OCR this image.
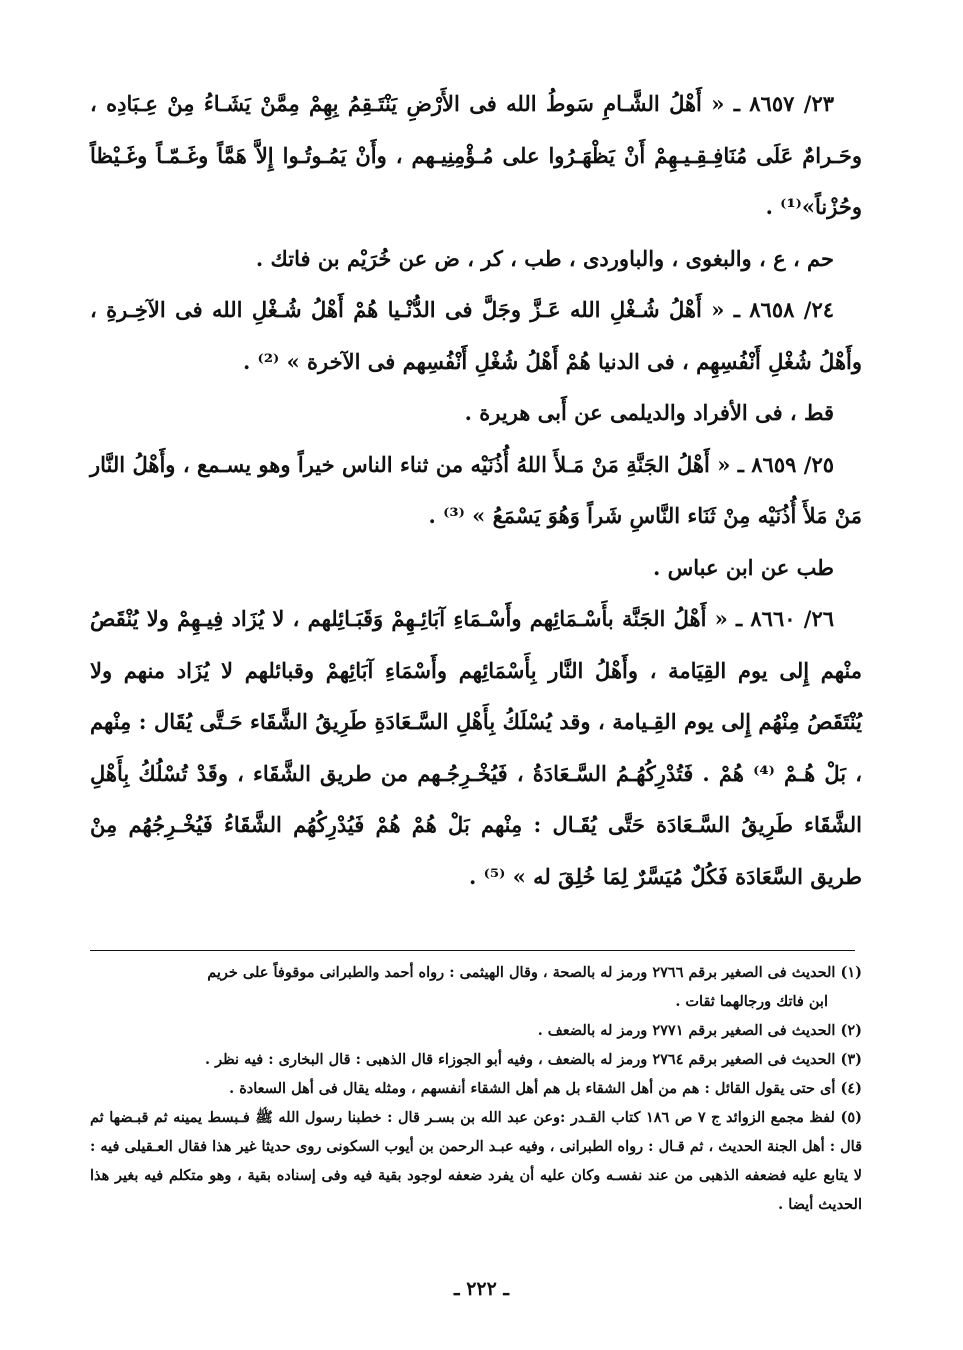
٢٣/ ٨٦٥٧ ـ « أَهْلُ الشَّـامِ سَوطُ الله فى الأَرْضِ يَنْتَـقِمُ بِهِمْ مِمَّنْ يَشَـاءُ مِنْ عِـبَادِه ، وحَـرامٌ عَلَى مُنَافِـقِـيـهِمْ أَنْ يَظْهَـرُوا على مُـؤْمِنِيـهم ، وأَنْ يَمُـوتُـوا إِلاَّ هَمَّاً وغَـمّـاً وغَـيْظاً وحُزْناً»⁽¹⁾ .

حم ، ع ، والبغوى ، والباوردى ، طب ، كر ، ض عن خُرَيْم بن فاتك .

٢٤/ ٨٦٥٨ ـ « أَهْلُ شُـغْلِ الله عَـزَّ وجَلَّ فى الدُّنْـيا هُمْ أَهْلُ شُـغْلِ الله فى الآخِـرةِ ، وأَهْلُ شُغْلِ أَنْفُسِهِم ، فى الدنيا هُمْ أَهْلُ شُغْلِ أَنْفُسِهم فى الآخرة » ⁽²⁾ .

قط ، فى الأفراد والديلمى عن أَبى هريرة .

٢٥/ ٨٦٥٩ ـ « أَهْلُ الجَنَّةِ مَنْ مَـلأَ اللهُ أُذُنَيْه من ثناء الناس خيراً وهو يسـمع ، وأَهْلُ النَّار مَنْ مَلأَ أُذُنَيْه مِنْ ثَنَاء النَّاسِ شَراً وَهُوَ يَسْمَعُ » ⁽³⁾ .

طب عن ابن عباس .

٢٦/ ٨٦٦٠ ـ « أَهْلُ الجَنَّة بأَسْـمَائِهم وأَسْـمَاءِ آبَائِـهِمْ وَقَبَـائِلهم ، لا يُزَاد فِيـهِمْ ولا يُنْقَصُ منْهم إِلى يوم القِيَامة ، وأَهْلُ النَّار بِأَسْمَائِهم وأَسْمَاءِ آبَائِهمْ وقبائلهم لا يُزَاد منهم ولا يُنْتَقَصُ مِنْهُم إِلى يوم القِـيامة ، وقد يُسْلَكُ بِأَهْلِ السَّـعَادَةِ طَرِيقُ الشَّقَاء حَـتَّى يُقَال : مِنْهم ، بَلْ هُـمْ ⁽⁴⁾ هُمْ . فَتُدْرِكُهُـمُ السَّـعَادَةُ ، فَيُخْـرِجُـهم من طريق الشَّقَاء ، وقَدْ تُسْلُكُ بِأَهْلِ الشَّقَاء طَرِيقُ السَّـعَادَة حَتَّى يُقَـال : مِنْهم بَلْ هُمْ هُمْ فَيُدْرِكُهُم الشَّقَاءُ فَيُخْـرِجُهُم مِنْ طريق السَّعَادَة فَكُلٌ مُيَسَّرٌ لِمَا خُلِقَ له » ⁽⁵⁾ .

(١) الحديث فى الصغير برقم ٢٧٦٦ ورمز له بالصحة ، وقال الهيثمى : رواه أحمد والطبرانى موقوفاً على خريم

ابن فاتك ورجالهما ثقات .

(٢) الحديث فى الصغير برقم ٢٧٧١ ورمز له بالضعف .

(٣) الحديث فى الصغير برقم ٢٧٦٤ ورمز له بالضعف ، وفيه أبو الجوزاء قال الذهبى : قال البخارى : فيه نظر .

(٤) أى حتى يقول القائل : هم من أهل الشقاء بل هم أهل الشقاء أنفسهم ، ومثله يقال فى أهل السعادة .

(٥) لفظ مجمع الزوائد ج ٧ ص ١٨٦ كتاب القـدر :وعن عبد الله بن بسـر قال : خطبنا رسول الله ﷺ فـبسط يمينه ثم قبـضها ثم قال : أهل الجنة الحديث ، ثم قـال : رواه الطبرانى ، وفيه عبـد الرحمن بن أيوب السكونى روى حديثا غير هذا فقال العـقيلى فيه : لا يتابع عليه فضعفه الذهبى من عند نفسـه وكان عليه أن يفرد ضعفه لوجود بقية فيه وفى إسناده بقية ، وهو متكلم فيه بغير هذا الحديث أيضا .

ـ ٢٢٢ ـ
